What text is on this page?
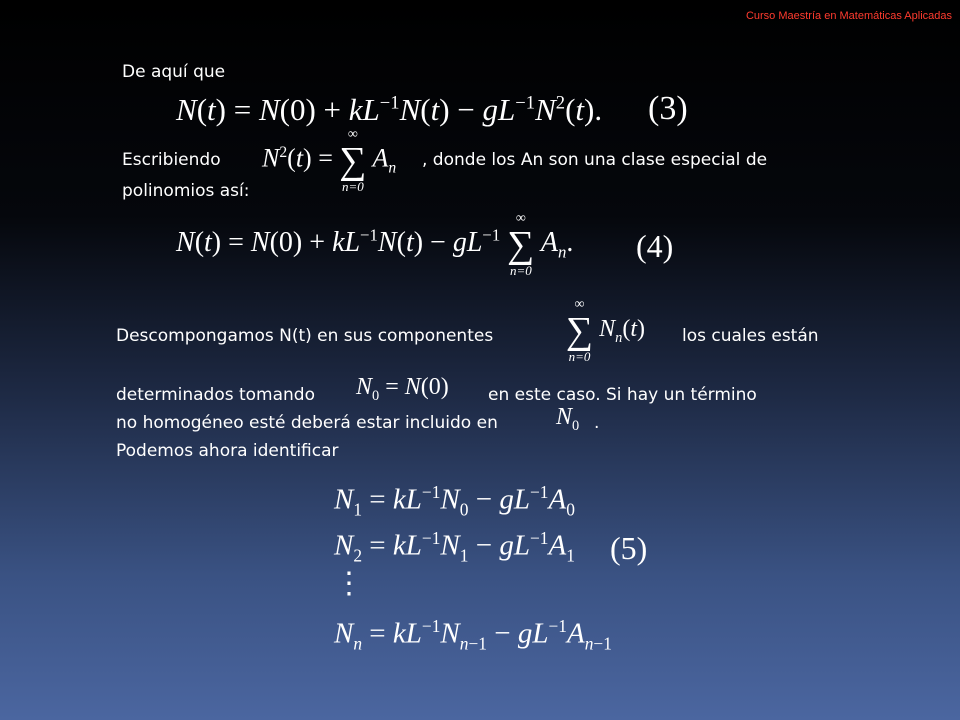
Curso Maestría en Matemáticas Aplicadas
De aquí que
$N(t) = N(0) + kL^{-1}N(t) - gL^{-1}N^2(t)$. (3)
Escribiendo $N^2(t)$ =
∞
∑
n=0
$A_n$ , donde los An son una clase especial de
polinomios así:
$N(t) = N(0) + kL^{-1}N(t) - gL^{-1}$
∞
∑
n=0
$A_n$. (4)
Descompongamos N(t) en sus componentes
∞
∑
n=0
$N_n(t)$ los cuales están
determinados tomando $N_0 = N(0)$ en este caso. Si hay un término
no homogéneo esté deberá estar incluido en $N_0$ .
Podemos ahora identificar
$N_1 = kL^{-1}N_0 - gL^{-1}A_0$
$N_2 = kL^{-1}N_1 - gL^{-1}A_1$ (5)
⋮
$N_n = kL^{-1}N_{n-1} - gL^{-1}A_{n-1}$
